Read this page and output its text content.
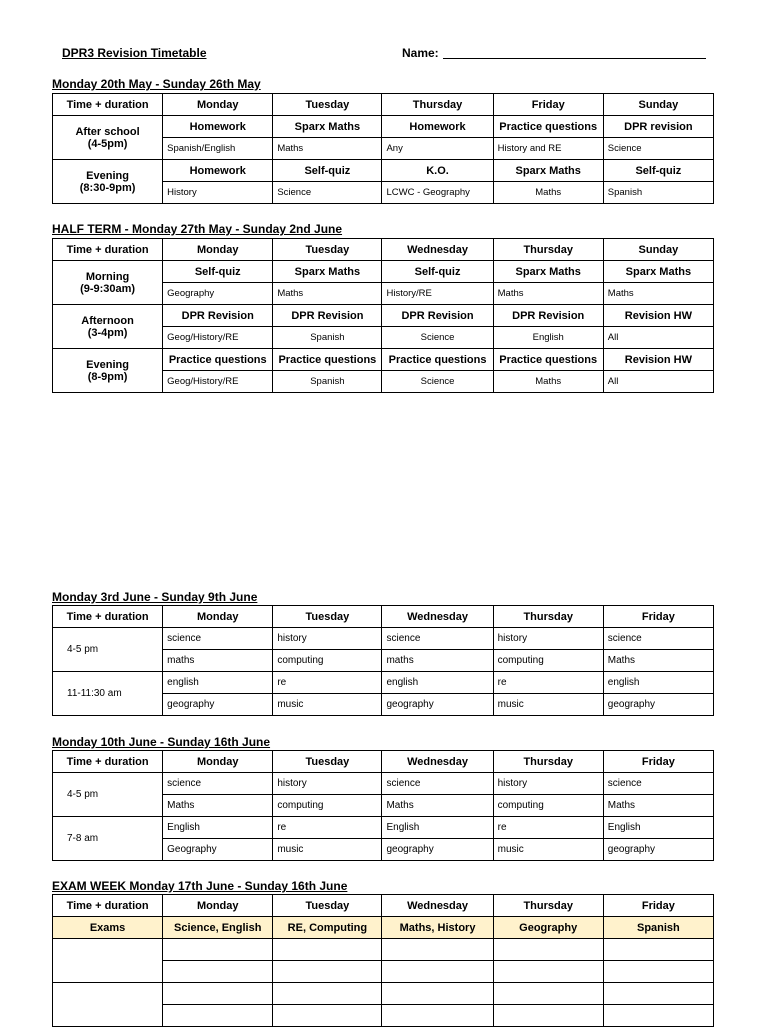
DPR3 Revision Timetable	Name:
Monday 20th May - Sunday 26th May
Time + duration	Monday	Tuesday	Thursday	Friday	Sunday
After school
(4-5pm)	Homework	Sparx Maths	Homework	Practice questions	DPR revision
	Spanish/English	Maths	Any	History and RE	Science
Evening
(8:30-9pm)	Homework	Self-quiz	K.O.	Sparx Maths	Self-quiz
	History	Science	LCWC - Geography	Maths	Spanish
HALF TERM - Monday 27th May - Sunday 2nd June
Time + duration	Monday	Tuesday	Wednesday	Thursday	Sunday
Morning
(9-9:30am)	Self-quiz	Sparx Maths	Self-quiz	Sparx Maths	Sparx Maths
	Geography	Maths	History/RE	Maths	Maths
Afternoon
(3-4pm)	DPR Revision	DPR Revision	DPR Revision	DPR Revision	Revision HW
	Geog/History/RE	Spanish	Science	English	All
Evening
(8-9pm)	Practice questions	Practice questions	Practice questions	Practice questions	Revision HW
	Geog/History/RE	Spanish	Science	Maths	All
Monday 3rd June - Sunday 9th June
Time + duration	Monday	Tuesday	Wednesday	Thursday	Friday
4-5 pm	science	history	science	history	science
	maths	computing	maths	computing	Maths
11-11:30 am	english	re	english	re	english
	geography	music	geography	music	geography
Monday 10th June - Sunday 16th June
Time + duration	Monday	Tuesday	Wednesday	Thursday	Friday
4-5 pm	science	history	science	history	science
	Maths	computing	Maths	computing	Maths
7-8 am	English	re	English	re	English
	Geography	music	geography	music	geography
EXAM WEEK Monday 17th June - Sunday 16th June
Time + duration	Monday	Tuesday	Wednesday	Thursday	Friday
Exams	Science, English	RE, Computing	Maths, History	Geography	Spanish
